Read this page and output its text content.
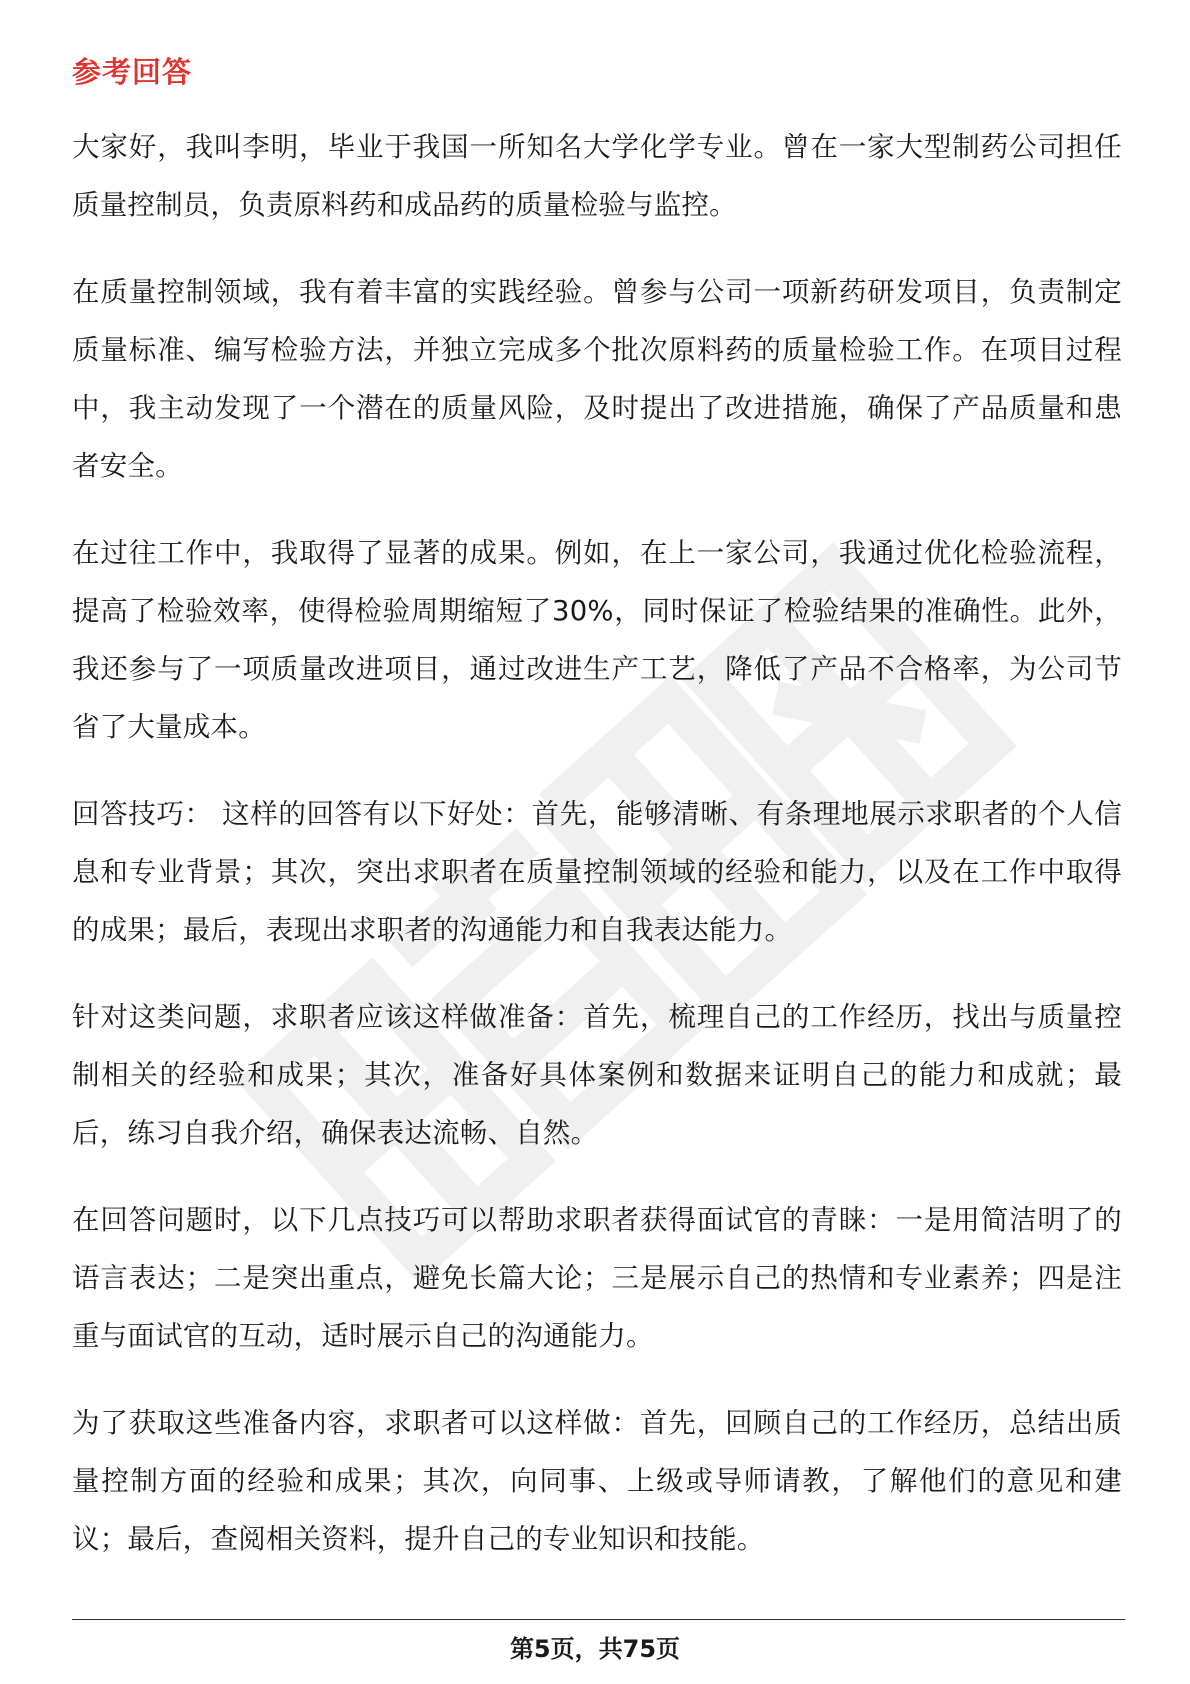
参考回答

大家好，我叫李明，毕业于我国一所知名大学化学专业。曾在一家大型制药公司担任质量控制员，负责原料药和成品药的质量检验与监控。

在质量控制领域，我有着丰富的实践经验。曾参与公司一项新药研发项目，负责制定质量标准、编写检验方法，并独立完成多个批次原料药的质量检验工作。在项目过程中，我主动发现了一个潜在的质量风险，及时提出了改进措施，确保了产品质量和患者安全。

在过往工作中，我取得了显著的成果。例如，在上一家公司，我通过优化检验流程，提高了检验效率，使得检验周期缩短了30%，同时保证了检验结果的准确性。此外，我还参与了一项质量改进项目，通过改进生产工艺，降低了产品不合格率，为公司节省了大量成本。

回答技巧： 这样的回答有以下好处：首先，能够清晰、有条理地展示求职者的个人信息和专业背景；其次，突出求职者在质量控制领域的经验和能力，以及在工作中取得的成果；最后，表现出求职者的沟通能力和自我表达能力。

针对这类问题，求职者应该这样做准备：首先，梳理自己的工作经历，找出与质量控制相关的经验和成果；其次，准备好具体案例和数据来证明自己的能力和成就；最后，练习自我介绍，确保表达流畅、自然。

在回答问题时，以下几点技巧可以帮助求职者获得面试官的青睐：一是用简洁明了的语言表达；二是突出重点，避免长篇大论；三是展示自己的热情和专业素养；四是注重与面试官的互动，适时展示自己的沟通能力。

为了获取这些准备内容，求职者可以这样做：首先，回顾自己的工作经历，总结出质量控制方面的经验和成果；其次，向同事、上级或导师请教，了解他们的意见和建议；最后，查阅相关资料，提升自己的专业知识和技能。

第5页，共75页
